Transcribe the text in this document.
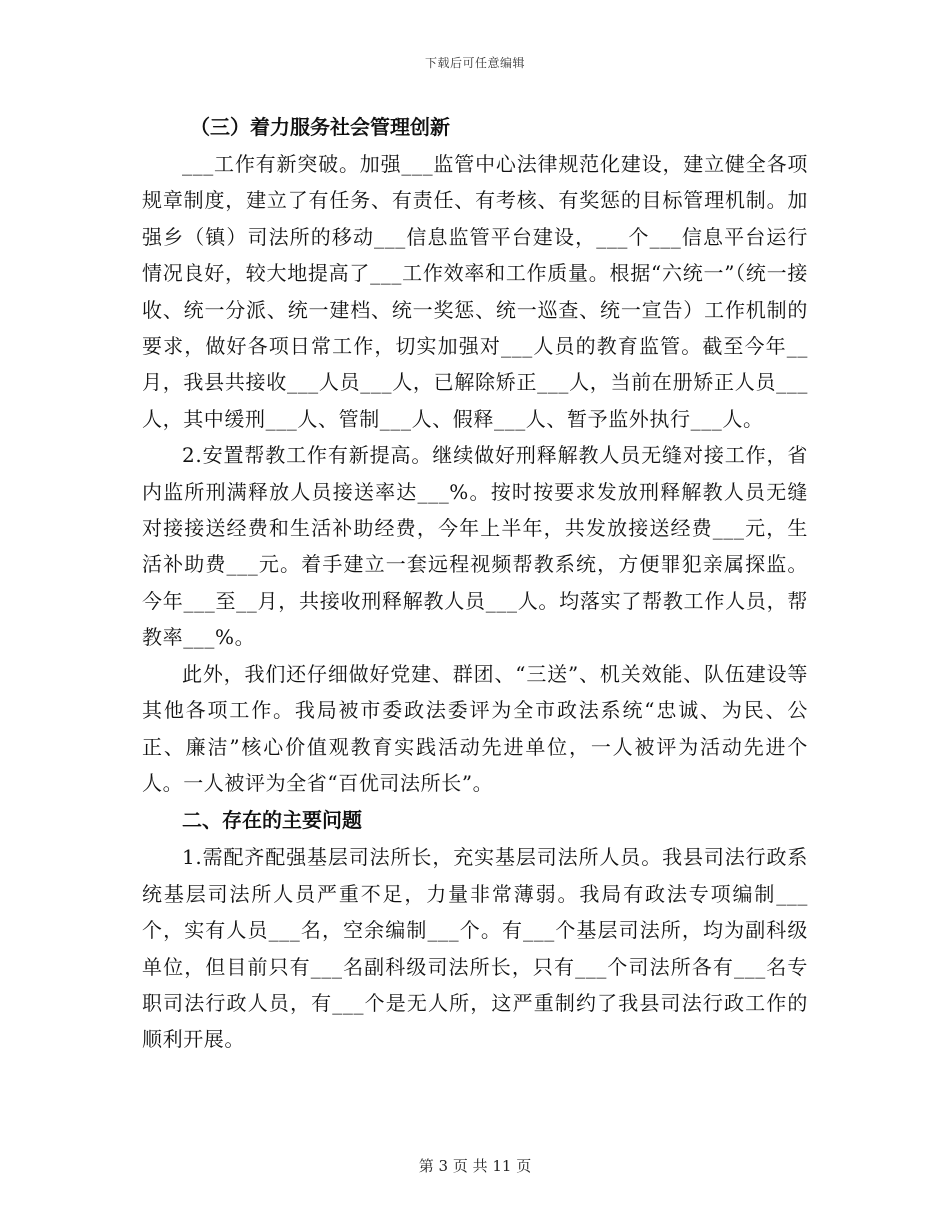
下载后可任意编辑
（三）着力服务社会管理创新

___工作有新突破。加强___监管中心法律规范化建设，建立健全各项规章制度，建立了有任务、有责任、有考核、有奖惩的目标管理机制。加强乡（镇）司法所的移动___信息监管平台建设，___个___信息平台运行情况良好，较大地提高了___工作效率和工作质量。根据“六统一”（统一接收、统一分派、统一建档、统一奖惩、统一巡查、统一宣告）工作机制的要求，做好各项日常工作，切实加强对___人员的教育监管。截至今年__月，我县共接收___人员___人，已解除矫正___人，当前在册矫正人员___人，其中缓刑___人、管制___人、假释___人、暂予监外执行___人。

2.安置帮教工作有新提高。继续做好刑释解教人员无缝对接工作，省内监所刑满释放人员接送率达___%。按时按要求发放刑释解教人员无缝对接接送经费和生活补助经费，今年上半年，共发放接送经费___元，生活补助费___元。着手建立一套远程视频帮教系统，方便罪犯亲属探监。今年___至__月，共接收刑释解教人员___人。均落实了帮教工作人员，帮教率___%。

此外，我们还仔细做好党建、群团、“三送”、机关效能、队伍建设等其他各项工作。我局被市委政法委评为全市政法系统“忠诚、为民、公正、廉洁”核心价值观教育实践活动先进单位，一人被评为活动先进个人。一人被评为全省“百优司法所长”。

二、存在的主要问题

1.需配齐配强基层司法所长，充实基层司法所人员。我县司法行政系统基层司法所人员严重不足，力量非常薄弱。我局有政法专项编制___个，实有人员___名，空余编制___个。有___个基层司法所，均为副科级单位，但目前只有___名副科级司法所长，只有___个司法所各有___名专职司法行政人员，有___个是无人所，这严重制约了我县司法行政工作的顺利开展。

第 3 页 共 11 页
